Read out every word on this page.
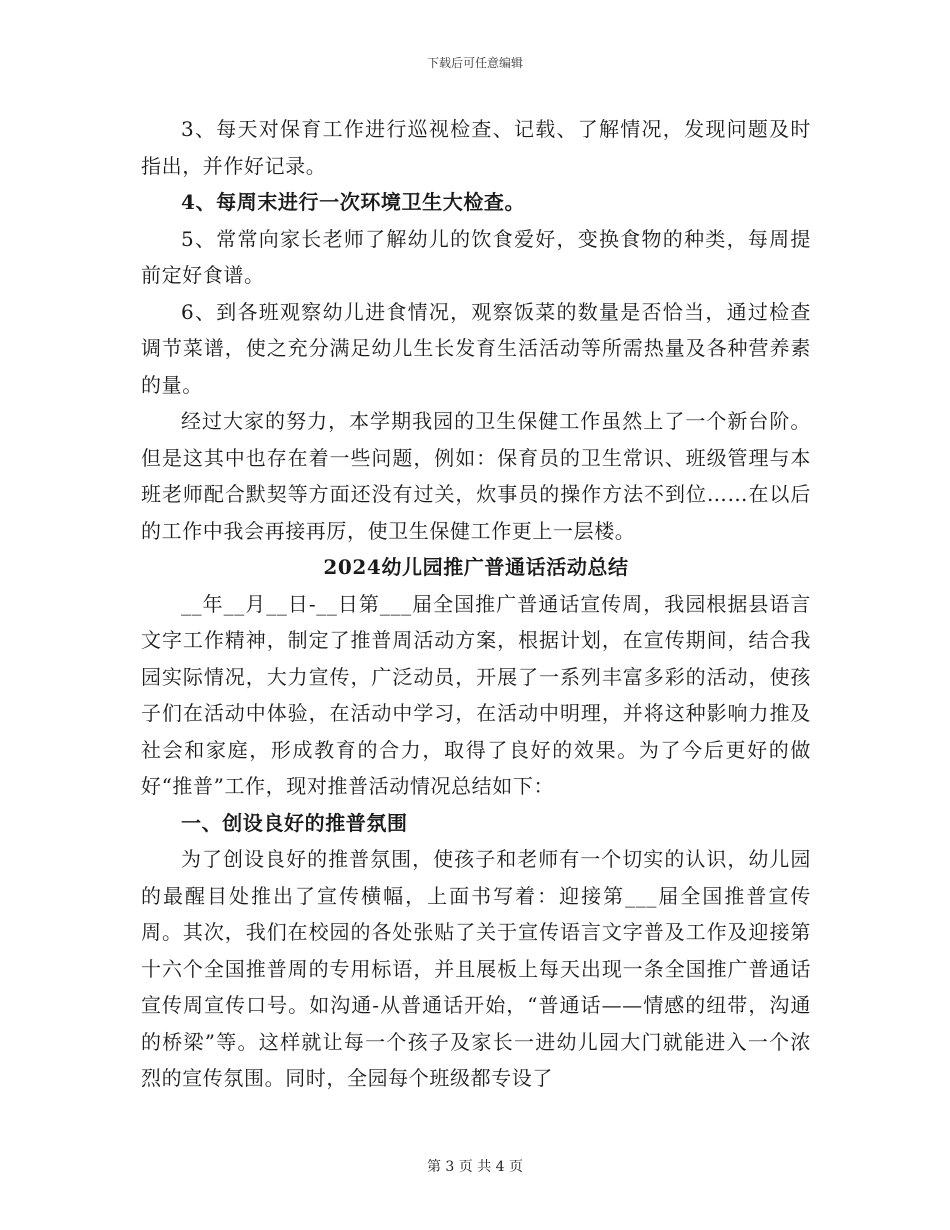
下载后可任意编辑

3、每天对保育工作进行巡视检查、记载、了解情况，发现问题及时指出，并作好记录。

4、每周末进行一次环境卫生大检查。

5、常常向家长老师了解幼儿的饮食爱好，变换食物的种类，每周提前定好食谱。

6、到各班观察幼儿进食情况，观察饭菜的数量是否恰当，通过检查调节菜谱，使之充分满足幼儿生长发育生活活动等所需热量及各种营养素的量。

经过大家的努力，本学期我园的卫生保健工作虽然上了一个新台阶。但是这其中也存在着一些问题，例如：保育员的卫生常识、班级管理与本班老师配合默契等方面还没有过关，炊事员的操作方法不到位……在以后的工作中我会再接再厉，使卫生保健工作更上一层楼。

2024幼儿园推广普通话活动总结

__年__月__日-__日第___届全国推广普通话宣传周，我园根据县语言文字工作精神，制定了推普周活动方案，根据计划，在宣传期间，结合我园实际情况，大力宣传，广泛动员，开展了一系列丰富多彩的活动，使孩子们在活动中体验，在活动中学习，在活动中明理，并将这种影响力推及社会和家庭，形成教育的合力，取得了良好的效果。为了今后更好的做好“推普”工作，现对推普活动情况总结如下：

一、创设良好的推普氛围

为了创设良好的推普氛围，使孩子和老师有一个切实的认识，幼儿园的最醒目处推出了宣传横幅，上面书写着：迎接第___届全国推普宣传周。其次，我们在校园的各处张贴了关于宣传语言文字普及工作及迎接第十六个全国推普周的专用标语，并且展板上每天出现一条全国推广普通话宣传周宣传口号。如沟通-从普通话开始，“普通话——情感的纽带，沟通的桥梁”等。这样就让每一个孩子及家长一进幼儿园大门就能进入一个浓烈的宣传氛围。同时，全园每个班级都专设了

第 3 页 共 4 页
